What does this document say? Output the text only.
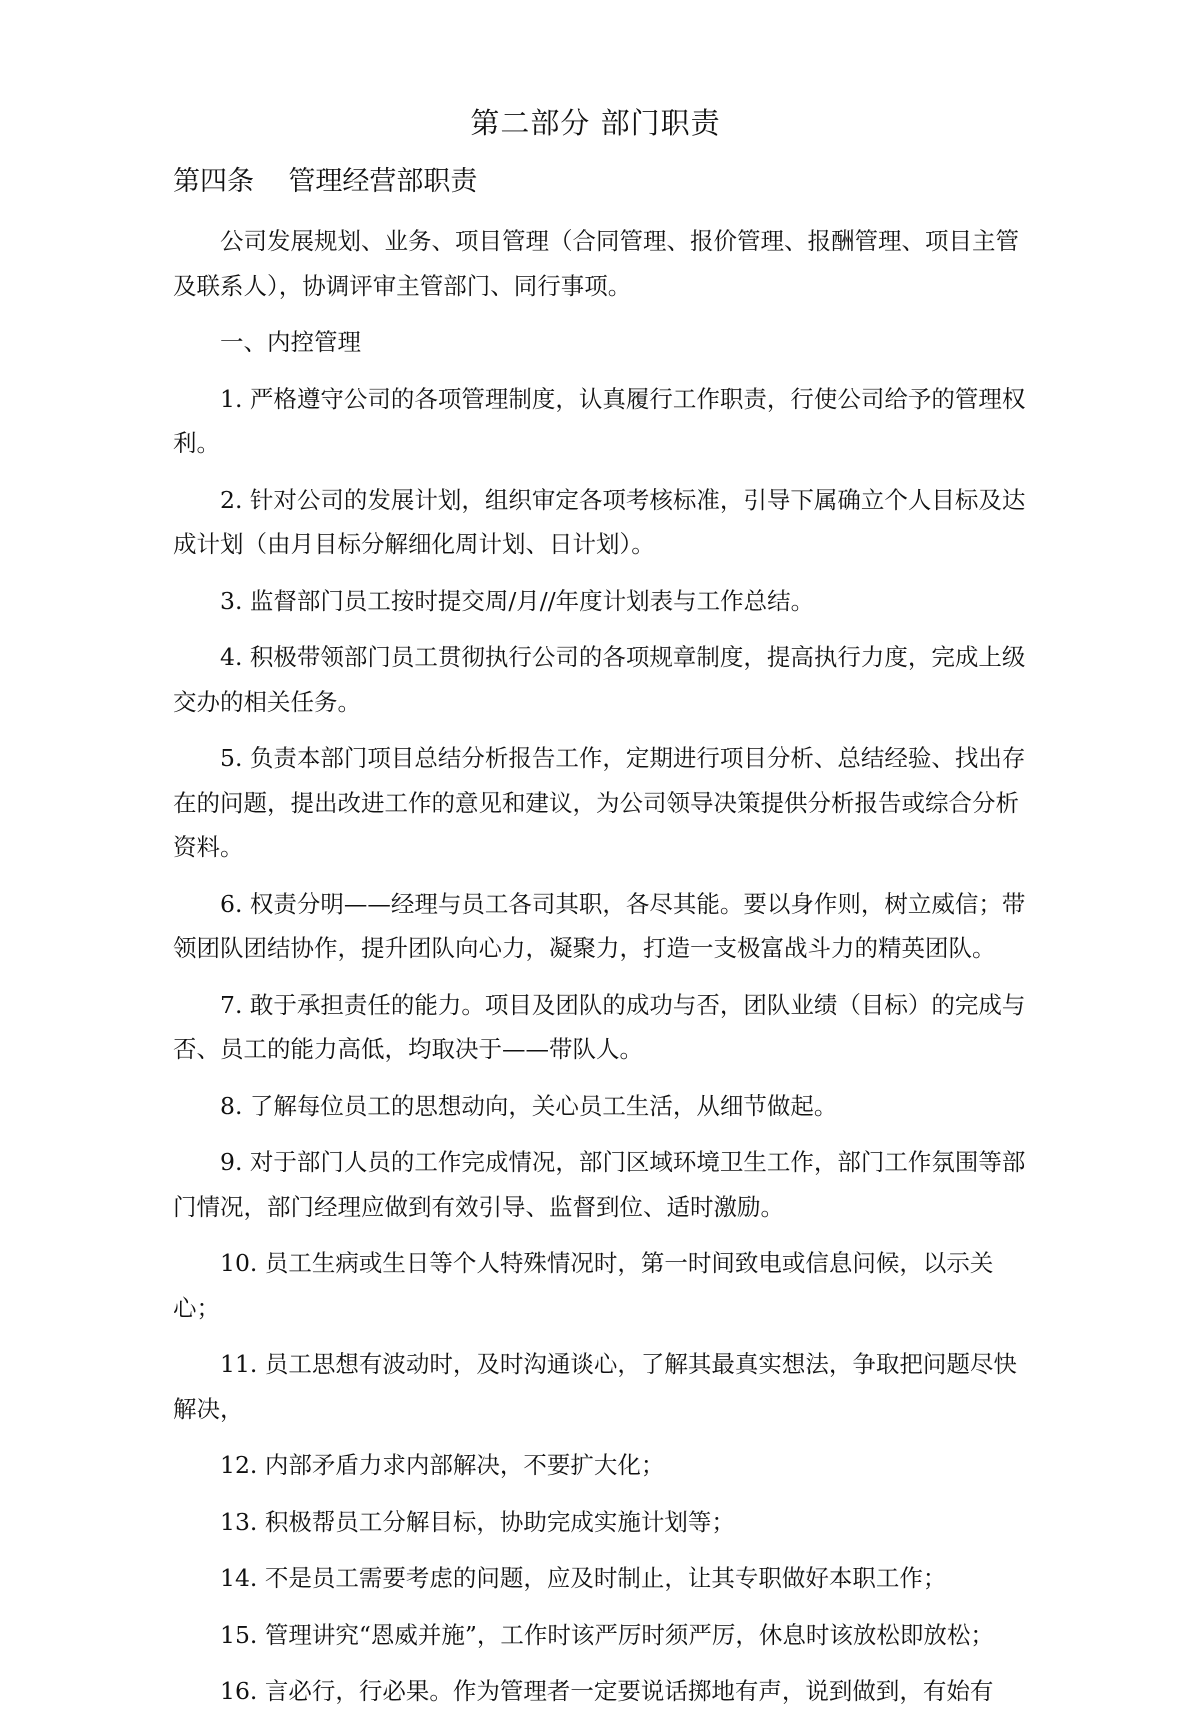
第二部分 部门职责
第四条    管理经营部职责

公司发展规划、业务、项目管理（合同管理、报价管理、报酬管理、项目主管及联系人），协调评审主管部门、同行事项。

一、内控管理

1. 严格遵守公司的各项管理制度，认真履行工作职责，行使公司给予的管理权利。

2. 针对公司的发展计划，组织审定各项考核标准，引导下属确立个人目标及达成计划（由月目标分解细化周计划、日计划）。

3. 监督部门员工按时提交周/月//年度计划表与工作总结。

4. 积极带领部门员工贯彻执行公司的各项规章制度，提高执行力度，完成上级交办的相关任务。

5. 负责本部门项目总结分析报告工作，定期进行项目分析、总结经验、找出存在的问题，提出改进工作的意见和建议，为公司领导决策提供分析报告或综合分析资料。

6. 权责分明——经理与员工各司其职，各尽其能。要以身作则，树立威信；带领团队团结协作，提升团队向心力，凝聚力，打造一支极富战斗力的精英团队。

7. 敢于承担责任的能力。项目及团队的成功与否，团队业绩（目标）的完成与否、员工的能力高低，均取决于——带队人。

8. 了解每位员工的思想动向，关心员工生活，从细节做起。

9. 对于部门人员的工作完成情况，部门区域环境卫生工作，部门工作氛围等部门情况，部门经理应做到有效引导、监督到位、适时激励。

10. 员工生病或生日等个人特殊情况时，第一时间致电或信息问候，以示关心；

11. 员工思想有波动时，及时沟通谈心，了解其最真实想法，争取把问题尽快解决，

12. 内部矛盾力求内部解决，不要扩大化；

13. 积极帮员工分解目标，协助完成实施计划等；

14. 不是员工需要考虑的问题，应及时制止，让其专职做好本职工作；

15. 管理讲究“恩威并施”，工作时该严厉时须严厉，休息时该放松即放松；

16. 言必行，行必果。作为管理者一定要说话掷地有声，说到做到，有始有
